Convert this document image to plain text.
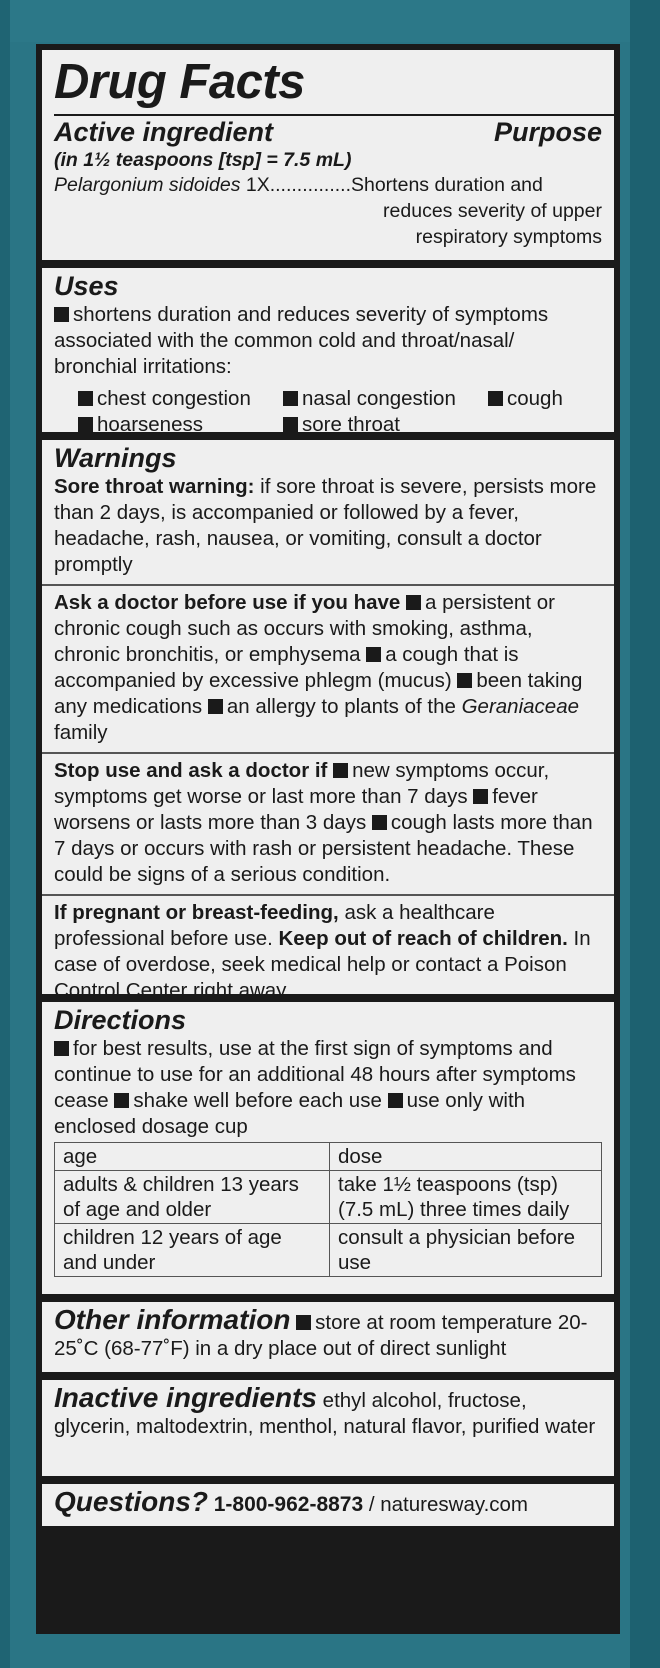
Drug Facts
Active ingredient	Purpose
(in 1½ teaspoons [tsp] = 7.5 mL)
Pelargonium sidoides 1X...............Shortens duration and
reduces severity of upper
respiratory symptoms
Uses
shortens duration and reduces severity of symptoms associated with the common cold and throat/nasal/ bronchial irritations:
chest congestion	nasal congestion	cough
hoarseness	sore throat
Warnings
Sore throat warning: if sore throat is severe, persists more than 2 days, is accompanied or followed by a fever, headache, rash, nausea, or vomiting, consult a doctor promptly
Ask a doctor before use if you have a persistent or chronic cough such as occurs with smoking, asthma, chronic bronchitis, or emphysema a cough that is accompanied by excessive phlegm (mucus) been taking any medications an allergy to plants of the Geraniaceae family
Stop use and ask a doctor if new symptoms occur, symptoms get worse or last more than 7 days fever worsens or lasts more than 3 days cough lasts more than 7 days or occurs with rash or persistent headache. These could be signs of a serious condition.
If pregnant or breast-feeding, ask a healthcare professional before use. Keep out of reach of children. In case of overdose, seek medical help or contact a Poison Control Center right away.
Directions
for best results, use at the first sign of symptoms and continue to use for an additional 48 hours after symptoms cease shake well before each use use only with enclosed dosage cup
age	dose
adults & children 13 years of age and older	take 1½ teaspoons (tsp) (7.5 mL) three times daily
children 12 years of age and under	consult a physician before use
Other information store at room temperature 20-25˚C (68-77˚F) in a dry place out of direct sunlight
Inactive ingredients ethyl alcohol, fructose, glycerin, maltodextrin, menthol, natural flavor, purified water
Questions? 1-800-962-8873 / naturesway.com
